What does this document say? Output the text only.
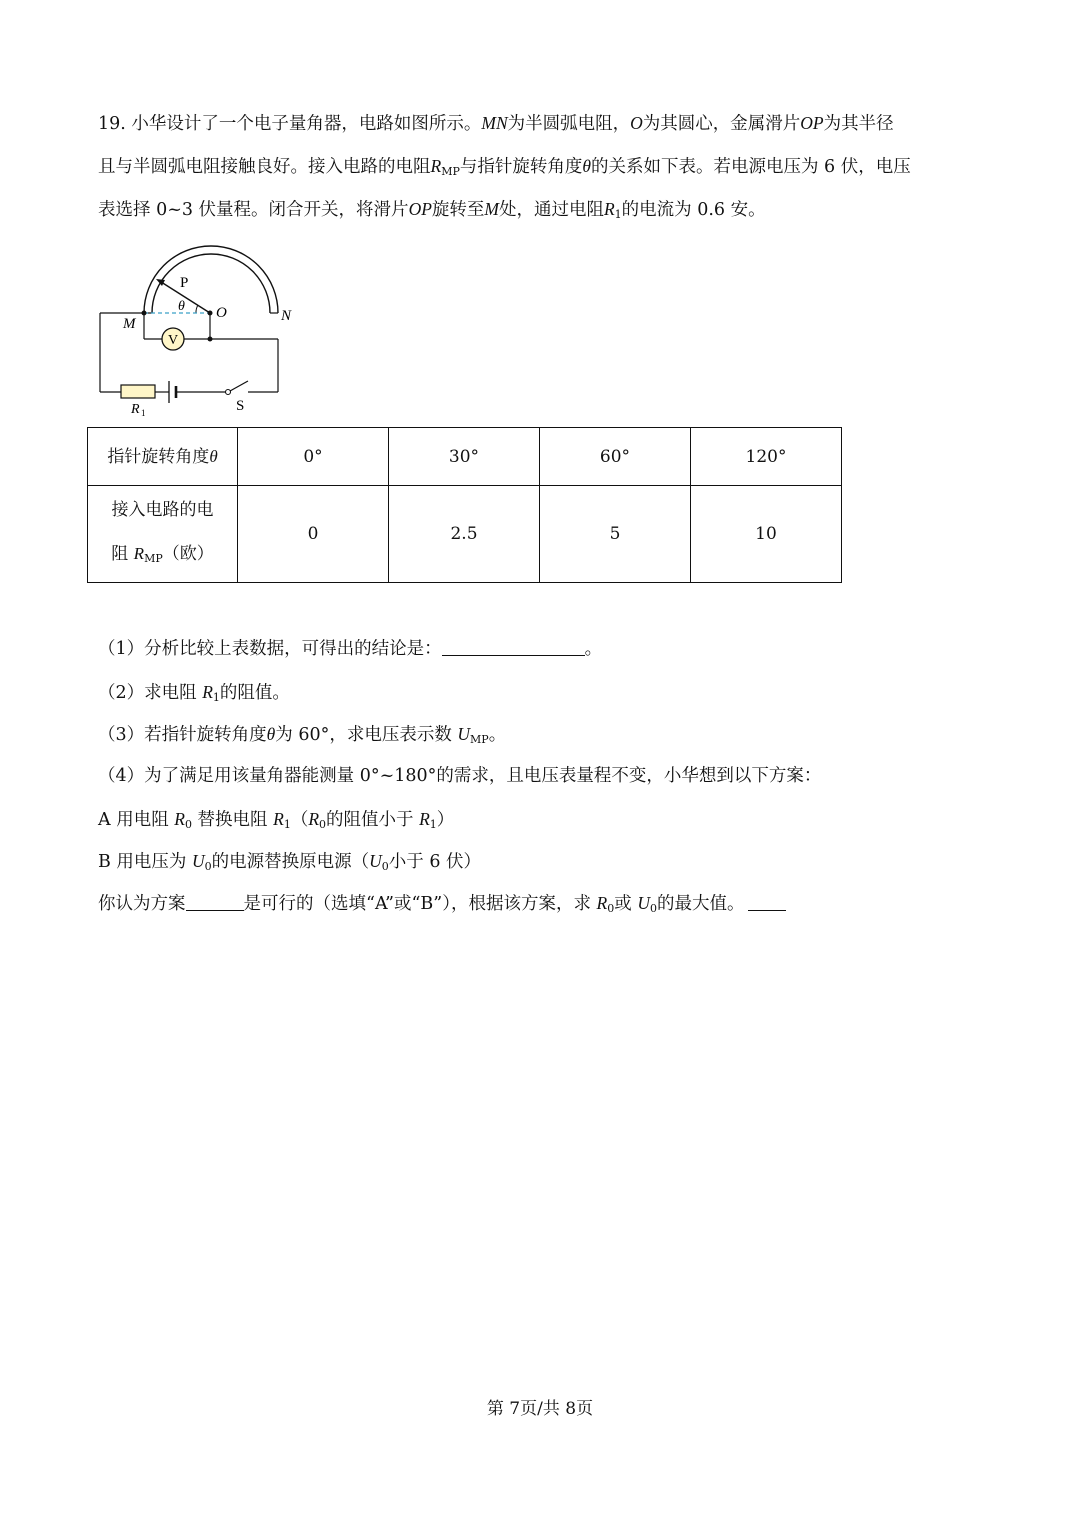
19. 小华设计了一个电子量角器，电路如图所示。MN为半圆弧电阻，O为其圆心，金属滑片OP为其半径
且与半圆弧电阻接触良好。接入电路的电阻$R_{MP}$与指针旋转角度θ的关系如下表。若电源电压为 6 伏，电压
表选择 0~3 伏量程。闭合开关，将滑片OP旋转至M处，通过电阻$R_1$的电流为 0.6 安。
V
P
θ O
M	N
R 1	S
指针旋转角度θ	0°	30°	60°	120°
接入电路的电
阻 $R_{MP}$（欧）	0	2.5	5	10
（1）分析比较上表数据，可得出的结论是：	。
（2）求电阻 $R_1$的阻值。
（3）若指针旋转角度θ为 60°，求电压表示数 $U_{MP}$。
（4）为了满足用该量角器能测量 0°~180°的需求，且电压表量程不变，小华想到以下方案：
A 用电阻 $R_0$ 替换电阻 $R_1(R_0$的阻值小于 $R_1$）
B 用电压为 $U_0$的电源替换原电源（$U_0$小于 6 伏）
你认为方案	是可行的（选填“A”或“B”），根据该方案，求 $R_0$或 $U_0$的最大值。
第 7页/共 8页
